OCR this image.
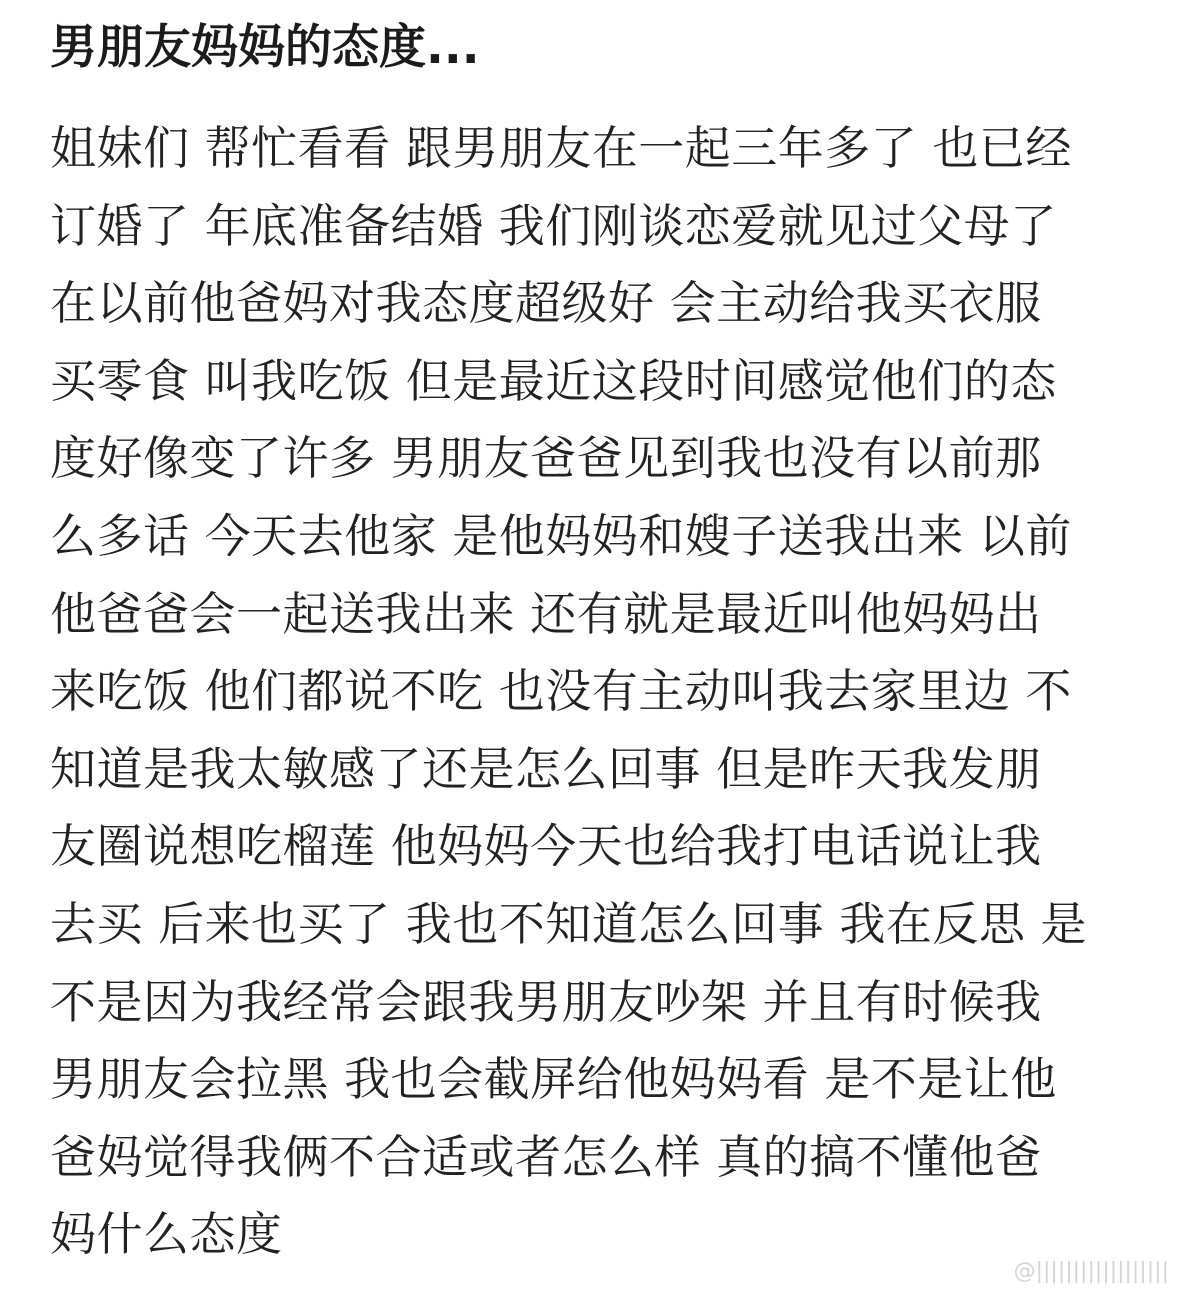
男朋友妈妈的态度...
姐妹们 帮忙看看 跟男朋友在一起三年多了 也已经
订婚了 年底准备结婚 我们刚谈恋爱就见过父母了
在以前他爸妈对我态度超级好 会主动给我买衣服
买零食 叫我吃饭 但是最近这段时间感觉他们的态
度好像变了许多 男朋友爸爸见到我也没有以前那
么多话 今天去他家 是他妈妈和嫂子送我出来 以前
他爸爸会一起送我出来 还有就是最近叫他妈妈出
来吃饭 他们都说不吃 也没有主动叫我去家里边 不
知道是我太敏感了还是怎么回事 但是昨天我发朋
友圈说想吃榴莲 他妈妈今天也给我打电话说让我
去买 后来也买了 我也不知道怎么回事 我在反思 是
不是因为我经常会跟我男朋友吵架 并且有时候我
男朋友会拉黑 我也会截屏给他妈妈看 是不是让他
爸妈觉得我俩不合适或者怎么样 真的搞不懂他爸
妈什么态度
@||||||||||||||||||
